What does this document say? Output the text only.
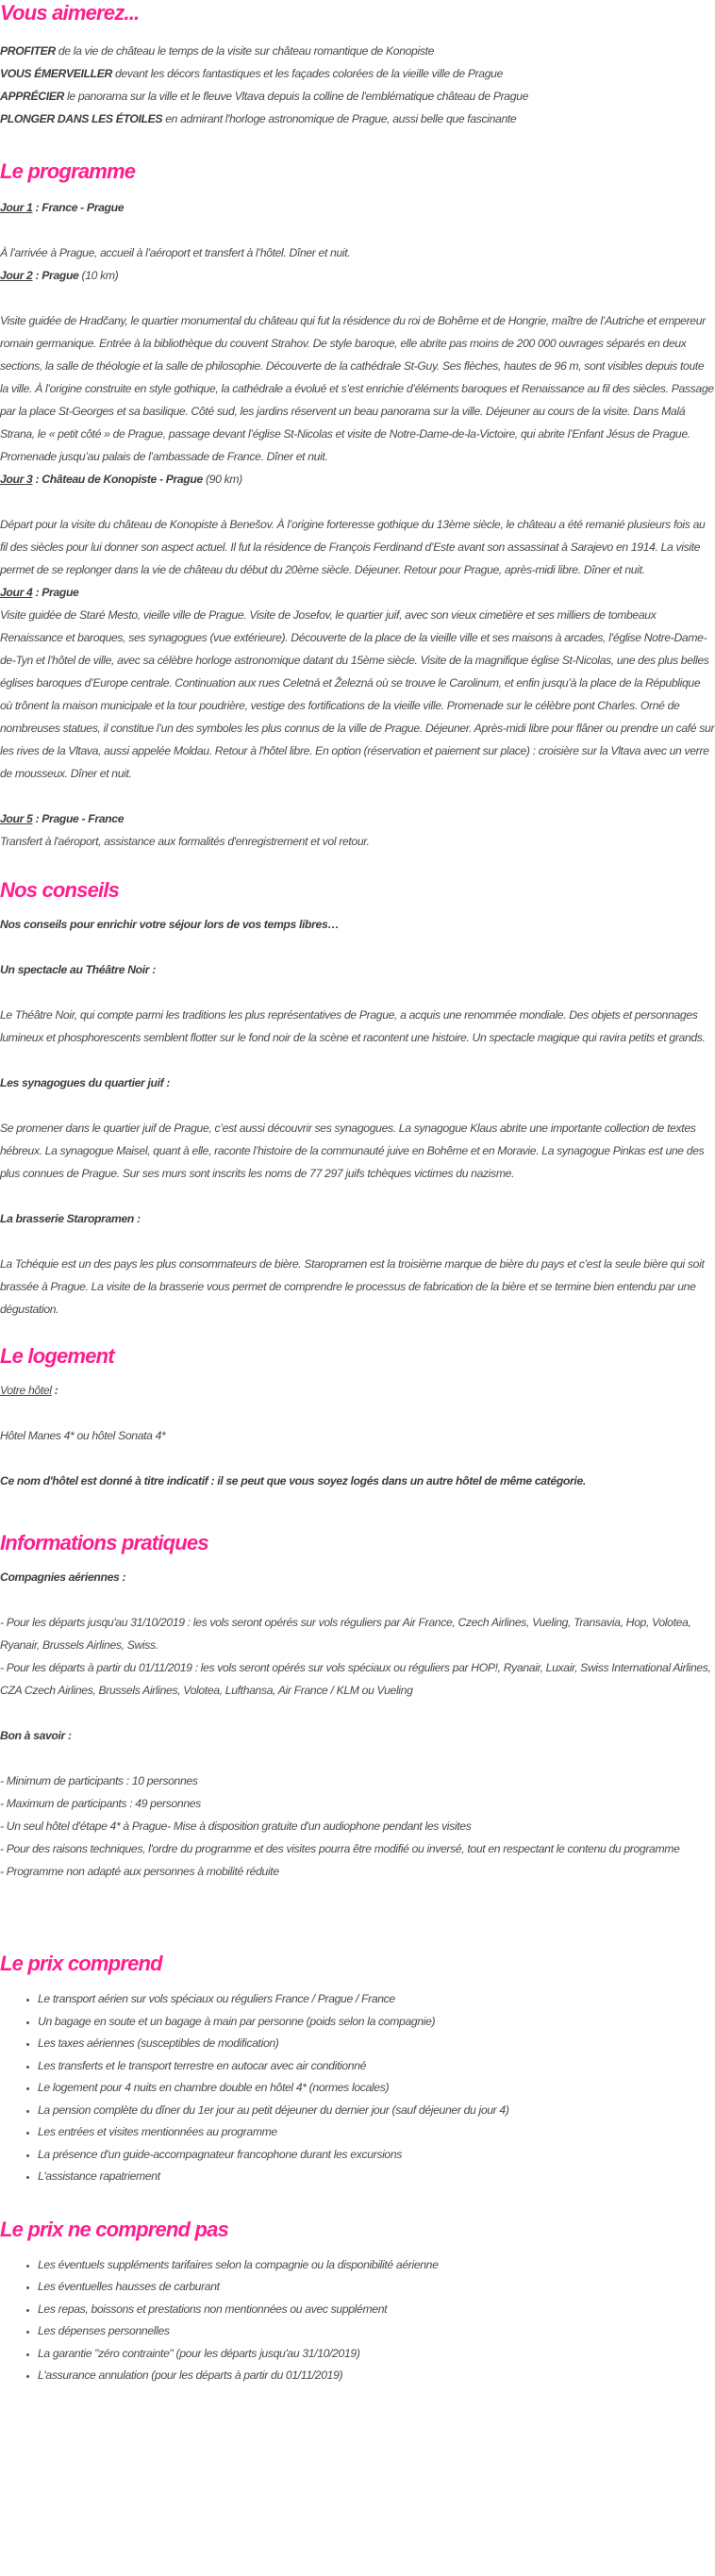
Vous aimerez...

PROFITER de la vie de château le temps de la visite sur château romantique de Konopiste

VOUS ÉMERVEILLER devant les décors fantastiques et les façades colorées de la vieille ville de Prague

APPRÉCIER le panorama sur la ville et le fleuve Vltava depuis la colline de l'emblématique château de Prague

PLONGER DANS LES ÉTOILES en admirant l'horloge astronomique de Prague, aussi belle que fascinante

Le programme

Jour 1 : France - Prague

À l’arrivée à Prague, accueil à l’aéroport et transfert à l’hôtel. Dîner et nuit.

Jour 2 : Prague (10 km)

Visite guidée de Hradčany, le quartier monumental du château qui fut la résidence du roi de Bohême et de Hongrie, maître de l’Autriche et empereur romain germanique. Entrée à la bibliothèque du couvent Strahov. De style baroque, elle abrite pas moins de 200 000 ouvrages séparés en deux sections, la salle de théologie et la salle de philosophie. Découverte de la cathédrale St-Guy. Ses flèches, hautes de 96 m, sont visibles depuis toute la ville. À l’origine construite en style gothique, la cathédrale a évolué et s’est enrichie d’éléments baroques et Renaissance au fil des siècles. Passage par la place St-Georges et sa basilique. Côté sud, les jardins réservent un beau panorama sur la ville. Déjeuner au cours de la visite. Dans Malá Strana, le « petit côté » de Prague, passage devant l’église St-Nicolas et visite de Notre-Dame-de-la-Victoire, qui abrite l’Enfant Jésus de Prague. Promenade jusqu’au palais de l’ambassade de France. Dîner et nuit.

Jour 3 : Château de Konopiste - Prague (90 km)

Départ pour la visite du château de Konopiste à Benešov. À l’origine forteresse gothique du 13ème siècle, le château a été remanié plusieurs fois au fil des siècles pour lui donner son aspect actuel. Il fut la résidence de François Ferdinand d’Este avant son assassinat à Sarajevo en 1914. La visite permet de se replonger dans la vie de château du début du 20ème siècle. Déjeuner. Retour pour Prague, après-midi libre. Dîner et nuit.

Jour 4 : Prague

Visite guidée de Staré Mesto, vieille ville de Prague. Visite de Josefov, le quartier juif, avec son vieux cimetière et ses milliers de tombeaux Renaissance et baroques, ses synagogues (vue extérieure). Découverte de la place de la vieille ville et ses maisons à arcades, l’église Notre-Dame-de-Tyn et l’hôtel de ville, avec sa célèbre horloge astronomique datant du 15ème siècle. Visite de la magnifique église St-Nicolas, une des plus belles églises baroques d’Europe centrale. Continuation aux rues Celetná et Železná où se trouve le Carolinum, et enfin jusqu’à la place de la République où trônent la maison municipale et la tour poudrière, vestige des fortifications de la vieille ville. Promenade sur le célèbre pont Charles. Orné de nombreuses statues, il constitue l’un des symboles les plus connus de la ville de Prague. Déjeuner. Après-midi libre pour flâner ou prendre un café sur les rives de la Vltava, aussi appelée Moldau. Retour à l'hôtel libre. En option (réservation et paiement sur place) : croisière sur la Vltava avec un verre de mousseux. Dîner et nuit.

Jour 5 : Prague - France

Transfert à l'aéroport, assistance aux formalités d'enregistrement et vol retour.

Nos conseils

Nos conseils pour enrichir votre séjour lors de vos temps libres…

Un spectacle au Théâtre Noir :

Le Théâtre Noir, qui compte parmi les traditions les plus représentatives de Prague, a acquis une renommée mondiale. Des objets et personnages lumineux et phosphorescents semblent flotter sur le fond noir de la scène et racontent une histoire. Un spectacle magique qui ravira petits et grands.

Les synagogues du quartier juif :

Se promener dans le quartier juif de Prague, c’est aussi découvrir ses synagogues. La synagogue Klaus abrite une importante collection de textes hébreux. La synagogue Maisel, quant à elle, raconte l’histoire de la communauté juive en Bohême et en Moravie. La synagogue Pinkas est une des plus connues de Prague. Sur ses murs sont inscrits les noms de 77 297 juifs tchèques victimes du nazisme.

La brasserie Staropramen :

La Tchéquie est un des pays les plus consommateurs de bière. Staropramen est la troisième marque de bière du pays et c’est la seule bière qui soit brassée à Prague. La visite de la brasserie vous permet de comprendre le processus de fabrication de la bière et se termine bien entendu par une dégustation.

Le logement

Votre hôtel :

Hôtel Manes 4* ou hôtel Sonata 4*

Ce nom d'hôtel est donné à titre indicatif : il se peut que vous soyez logés dans un autre hôtel de même catégorie.

Informations pratiques

Compagnies aériennes :

- Pour les départs jusqu'au 31/10/2019 : les vols seront opérés sur vols réguliers par Air France, Czech Airlines, Vueling, Transavia, Hop, Volotea, Ryanair, Brussels Airlines, Swiss.

- Pour les départs à partir du 01/11/2019 : les vols seront opérés sur vols spéciaux ou réguliers par HOP!, Ryanair, Luxair, Swiss International Airlines, CZA Czech Airlines, Brussels Airlines, Volotea, Lufthansa, Air France / KLM ou Vueling

Bon à savoir :

- Minimum de participants : 10 personnes

- Maximum de participants : 49 personnes

- Un seul hôtel d'étape 4* à Prague- Mise à disposition gratuite d'un audiophone pendant les visites

- Pour des raisons techniques, l'ordre du programme et des visites pourra être modifié ou inversé, tout en respectant le contenu du programme

- Programme non adapté aux personnes à mobilité réduite

Le prix comprend
• Le transport aérien sur vols spéciaux ou réguliers France / Prague / France
• Un bagage en soute et un bagage à main par personne (poids selon la compagnie)
• Les taxes aériennes (susceptibles de modification)
• Les transferts et le transport terrestre en autocar avec air conditionné
• Le logement pour 4 nuits en chambre double en hôtel 4* (normes locales)
• La pension complète du dîner du 1er jour au petit déjeuner du dernier jour (sauf déjeuner du jour 4)
• Les entrées et visites mentionnées au programme
• La présence d'un guide-accompagnateur francophone durant les excursions
• L'assistance rapatriement
Le prix ne comprend pas
• Les éventuels suppléments tarifaires selon la compagnie ou la disponibilité aérienne
• Les éventuelles hausses de carburant
• Les repas, boissons et prestations non mentionnées ou avec supplément
• Les dépenses personnelles
• La garantie "zéro contrainte" (pour les départs jusqu'au 31/10/2019)
• L'assurance annulation (pour les départs à partir du 01/11/2019)
